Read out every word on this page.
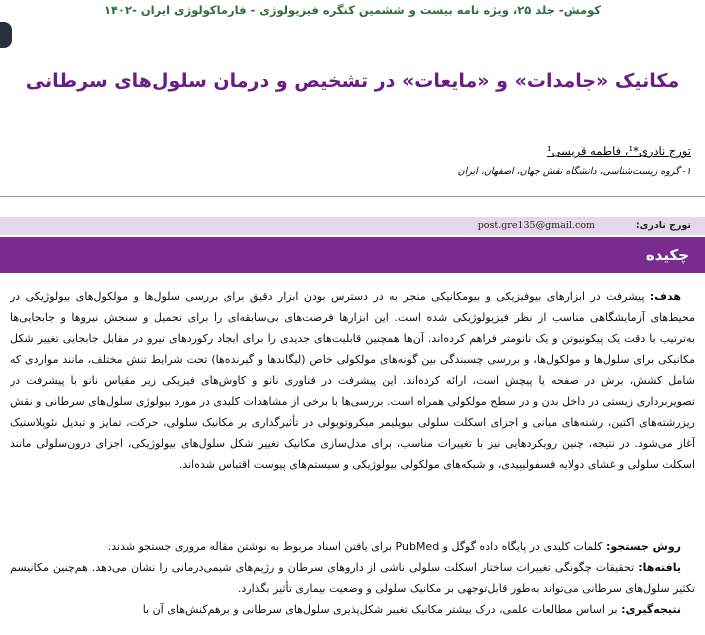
کومش- جلد ۲۵، ویژه نامه بیست و ششمین کنگره فیزیولوژی - فارماکولوژی ایران -۱۴۰۲
مکانیک «جامدات» و «مایعات» در تشخیص و درمان سلول‌های سرطانی
تورج نادری*¹، فاطمه قریسی¹
۱- گروه زیست‌شناسی، دانشگاه نقش جهان، اصفهان، ایران
تورج نادری:
post.gre135@gmail.com
چکیده

هدف: پیشرفت در ابزارهای بیوفیزیکی و بیومکانیکی منجر به در دسترس بودن ابزار دقیق برای بررسی سلول‌ها و مولکول‌های بیولوژیکی در محیط‌های آزمایشگاهی مناسب از نظر فیزیولوژیکی شده است. این ابزارها فرصت‌های بی‌سابقه‌ای را برای تحمیل و سنجش نیروها و جابجایی‌ها به‌ترتیب با دقت یک پیکونیوتن و یک نانومتر فراهم کرده‌اند. آن‌ها همچنین قابلیت‌های جدیدی را برای ایجاد رکوردهای نیرو در مقابل جابجایی تغییر شکل مکانیکی برای سلول‌ها و مولکول‌ها، و بررسی چسبندگی بین گونه‌های مولکولی خاص (لیگاندها و گیرنده‌ها) تحت شرایط تنش مختلف، مانند مواردی که شامل کشش، برش در صفحه یا پیچش است، ارائه کرده‌اند. این پیشرفت در فناوری نانو و کاوش‌های فیزیکی زیر مقیاس نانو با پیشرفت در تصویربرداری زیستی در داخل بدن و در سطح مولکولی همراه است. بررسی‌ها با برخی از مشاهدات کلیدی در مورد بیولوژی سلول‌های سرطانی و نقش ریزرشته‌های اکتین، رشته‌های میانی و اجزای اسکلت سلولی بیوپلیمر میکروتوبولی در تأثیرگذاری بر مکانیک سلولی، حرکت، تمایز و تبدیل نئوپلاستیک آغاز می‌شود. در نتیجه، چنین رویکردهایی نیز با تغییرات مناسب، برای مدل‌سازی مکانیک تغییر شکل سلول‌های بیولوژیکی، اجزای درون‌سلولی مانند اسکلت سلولی و غشای دولایه فسفولیپیدی، و شبکه‌های مولکولی بیولوژیکی و سیستم‌های پیوست اقتباس شده‌اند.

روش جستجو: کلمات کلیدی در پایگاه داده گوگل و PubMed برای یافتن اسناد مربوط به نوشتن مقاله مروری جستجو شدند.

یافته‌ها: تحقیقات چگونگی تغییرات ساختار اسکلت سلولی ناشی از داروهای سرطان و رژیم‌های شیمی‌درمانی را نشان می‌دهد. هم‌چنین مکانیسم تکثیر سلول‌های سرطانی می‌تواند به‌طور قابل‌توجهی بر مکانیک سلولی و وضعیت بیماری تأثیر بگذارد.

نتیجه‌گیری: بر اساس مطالعات علمی، درک بیشتر مکانیک تغییر شکل‌پذیری سلول‌های سرطانی و برهم‌کنش‌های آن با
